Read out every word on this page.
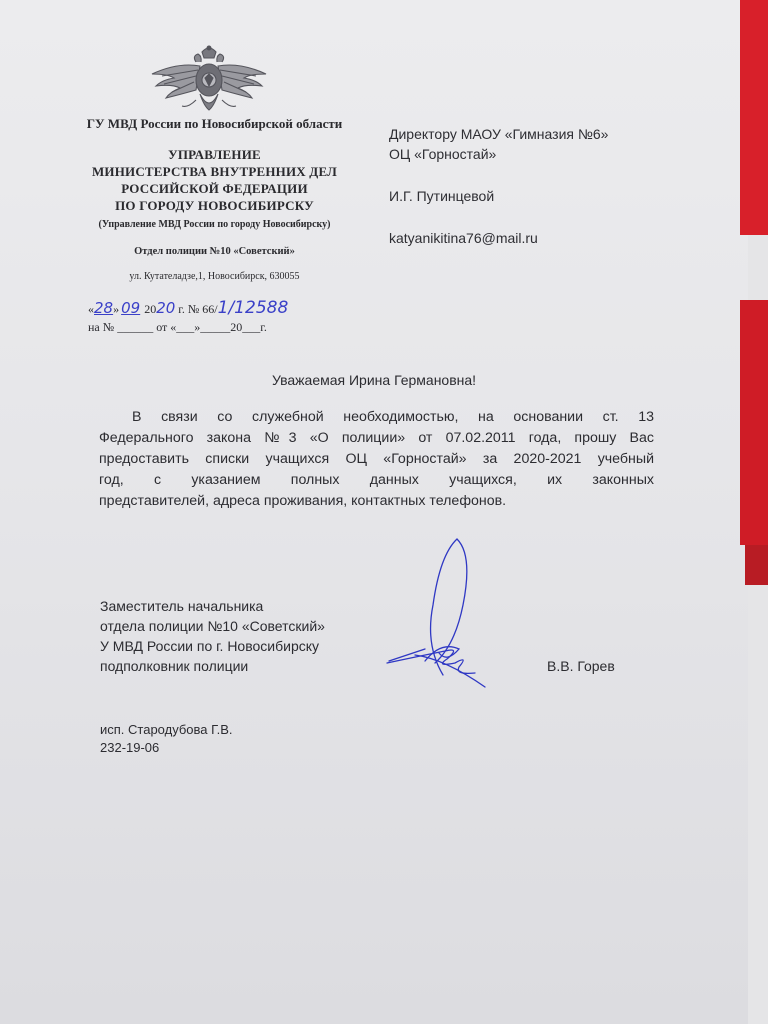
ГУ МВД России по Новосибирской области
УПРАВЛЕНИЕ
МИНИСТЕРСТВА ВНУТРЕННИХ ДЕЛ
РОССИЙСКОЙ ФЕДЕРАЦИИ
ПО ГОРОДУ НОВОСИБИРСКУ
(Управление МВД России по городу Новосибирску)
Отдел полиции №10 «Советский»
ул. Кутателадзе,1, Новосибирск, 630055
«28» 09 2020 г. № 66/1/12588
на № ______ от «___»_____20___г.
Директору МАОУ «Гимназия №6»
ОЦ «Горностай»
И.Г. Путинцевой
katyanikitina76@mail.ru
Уважаемая Ирина Германовна!
В связи со служебной необходимостью, на основании ст. 13
Федерального закона №3 «О полиции» от 07.02.2011 года, прошу Вас
предоставить списки учащихся ОЦ «Горностай» за 2020-2021 учебный
год, с указанием полных данных учащихся, их законных
представителей, адреса проживания, контактных телефонов.
Заместитель начальника
отдела полиции №10 «Советский»
У МВД России по г. Новосибирску
подполковник полиции	В.В. Горев
исп. Стародубова Г.В.
232-19-06
